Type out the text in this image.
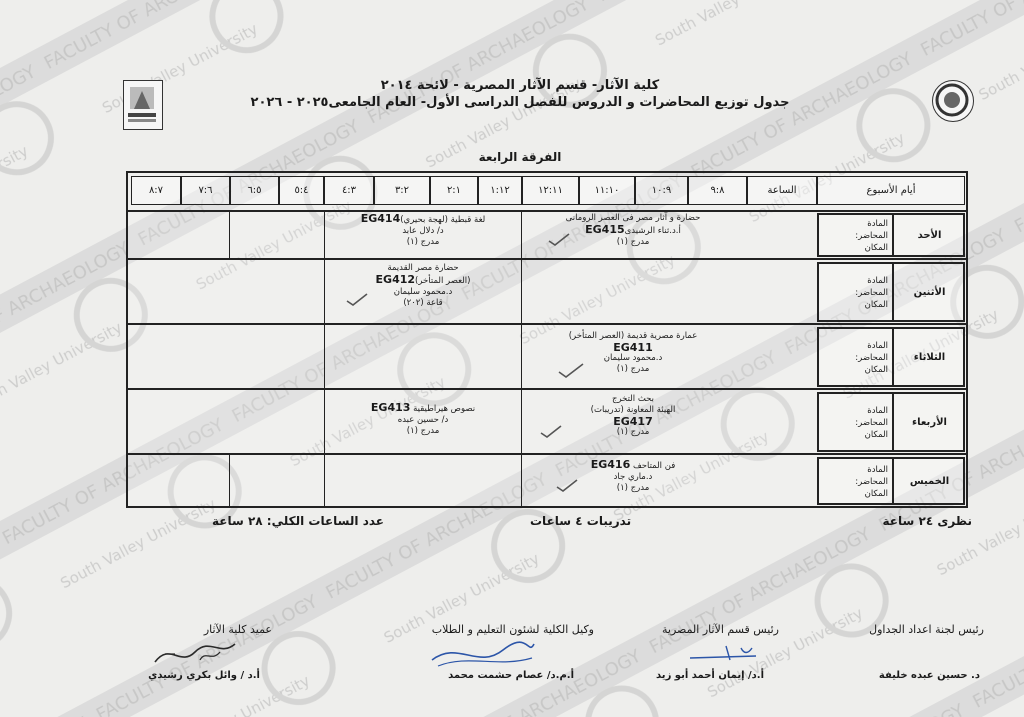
كلية الآثار- قسم الآثار المصرية - لائحة ٢٠١٤
جدول توزيع المحاضرات و الدروس للفصل الدراسى الأول- العام الجامعى٢٠٢٥ - ٢٠٢٦
الفرقة الرابعة
أيام الأسبوع
الساعة
٩:٨
١٠:٩
١١:١٠
١٢:١١
١:١٢
٢:١
٣:٢
٤:٣
٥:٤
٦:٥
٧:٦
٨:٧
المادة
المحاضر:
المكان
الأحد
المادة
المحاضر:
المكان
الأثنين
المادة
المحاضر:
المكان
الثلاثاء
المادة
المحاضر:
المكان
الأربعاء
المادة
المحاضر:
المكان
الخميس
حضارة و آثار مصر فى العصر الرومانى
أ.د.ثناء الرشيدىEG415
مدرج (١)
لغة قبطية (لهجة بحيري)EG414
د/ دلال عابد
مدرج (١)
حضارة مصر القديمة
(العصر المتأخر)EG412
د.محمود سليمان
قاعة (٢٠٢)
عمارة مصرية قديمة (العصر المتأخر)
EG411
د.محمود سليمان
مدرج (١)
بحث التخرج
الهيئة المعاونة (تدريبات)
EG417
مدرج (١)
نصوص هيراطيقية EG413
د/ حسين عبده
مدرج (١)
فن المتاحف EG416
د.ماري جاد
مدرج (١)
نظرى ٢٤ ساعة
تدريبات ٤ ساعات
عدد الساعات الكلي: ٢٨ ساعة
رئيس لجنة اعداد الجداول
د. حسين عبده خليفة
رئيس قسم الآثار المصرية
أ.د/ إيمان أحمد أبو زيد
وكيل الكلية لشئون التعليم و الطلاب
أ.م.د/ عصام حشمت محمد
عميد كلية الآثار
أ.د / وائل بكري رشيدي
